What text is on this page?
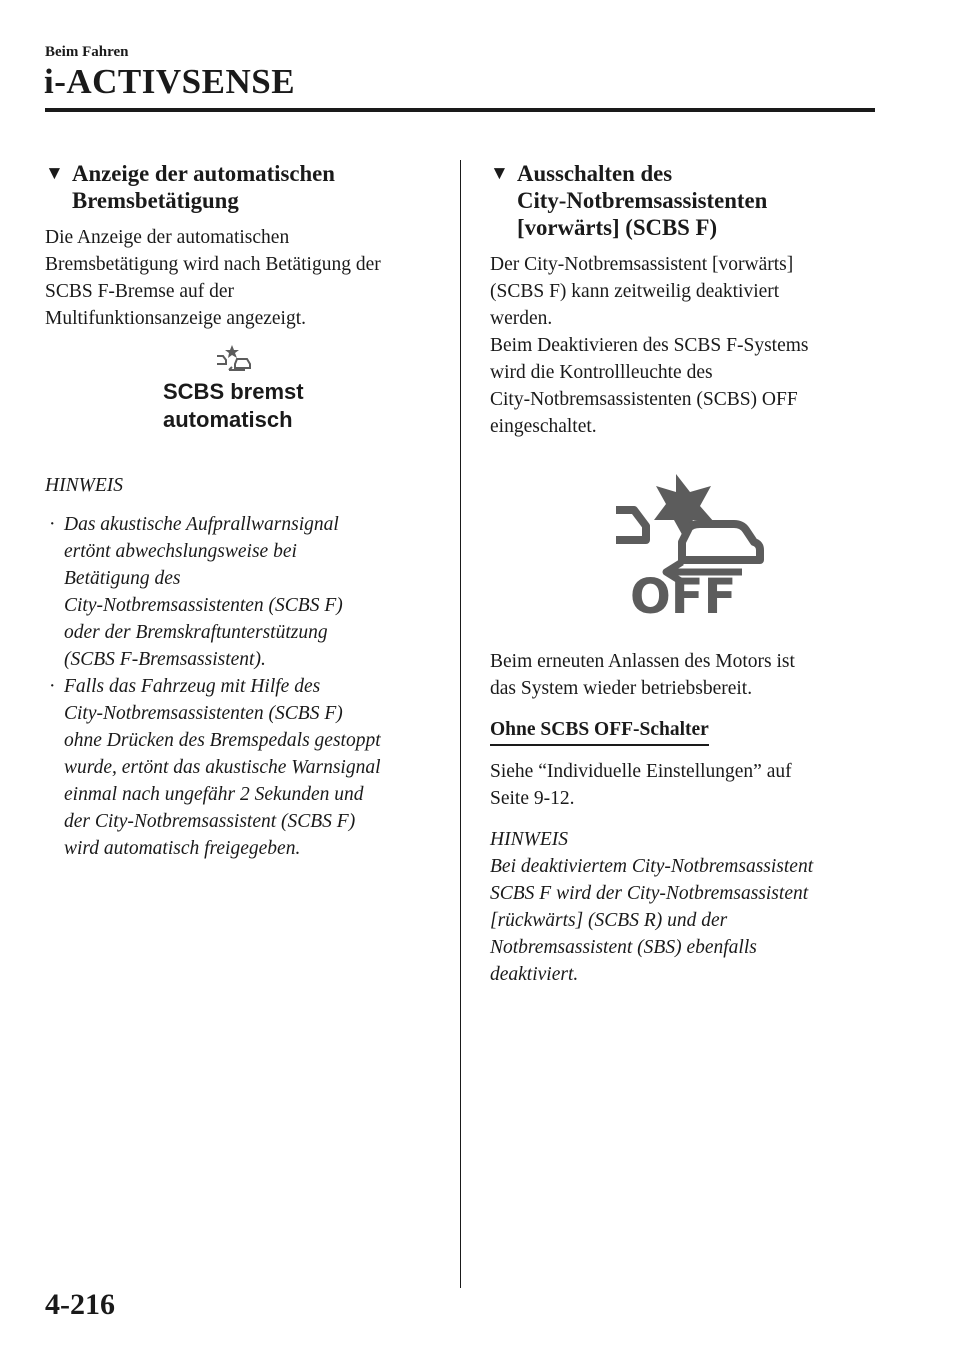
Beim Fahren
i-ACTIVSENSE
▼ Anzeige der automatischen
Bremsbetätigung
Die Anzeige der automatischen
Bremsbetätigung wird nach Betätigung der
SCBS F-Bremse auf der
Multifunktionsanzeige angezeigt.
SCBS bremst
automatisch
HINWEIS
· Das akustische Aufprallwarnsignal
ertönt abwechslungsweise bei
Betätigung des
City-Notbremsassistenten (SCBS F)
oder der Bremskraftunterstützung
(SCBS F-Bremsassistent).
· Falls das Fahrzeug mit Hilfe des
City-Notbremsassistenten (SCBS F)
ohne Drücken des Bremspedals gestoppt
wurde, ertönt das akustische Warnsignal
einmal nach ungefähr 2 Sekunden und
der City-Notbremsassistent (SCBS F)
wird automatisch freigegeben.
▼ Ausschalten des
City-Notbremsassistenten
[vorwärts] (SCBS F)
Der City-Notbremsassistent [vorwärts]
(SCBS F) kann zeitweilig deaktiviert
werden.
Beim Deaktivieren des SCBS F-Systems
wird die Kontrollleuchte des
City-Notbremsassistenten (SCBS) OFF
eingeschaltet.
OFF
Beim erneuten Anlassen des Motors ist
das System wieder betriebsbereit.
Ohne SCBS OFF-Schalter
Siehe “Individuelle Einstellungen” auf
Seite 9-12.
HINWEIS
Bei deaktiviertem City-Notbremsassistent
SCBS F wird der City-Notbremsassistent
[rückwärts] (SCBS R) und der
Notbremsassistent (SBS) ebenfalls
deaktiviert.
4-216
